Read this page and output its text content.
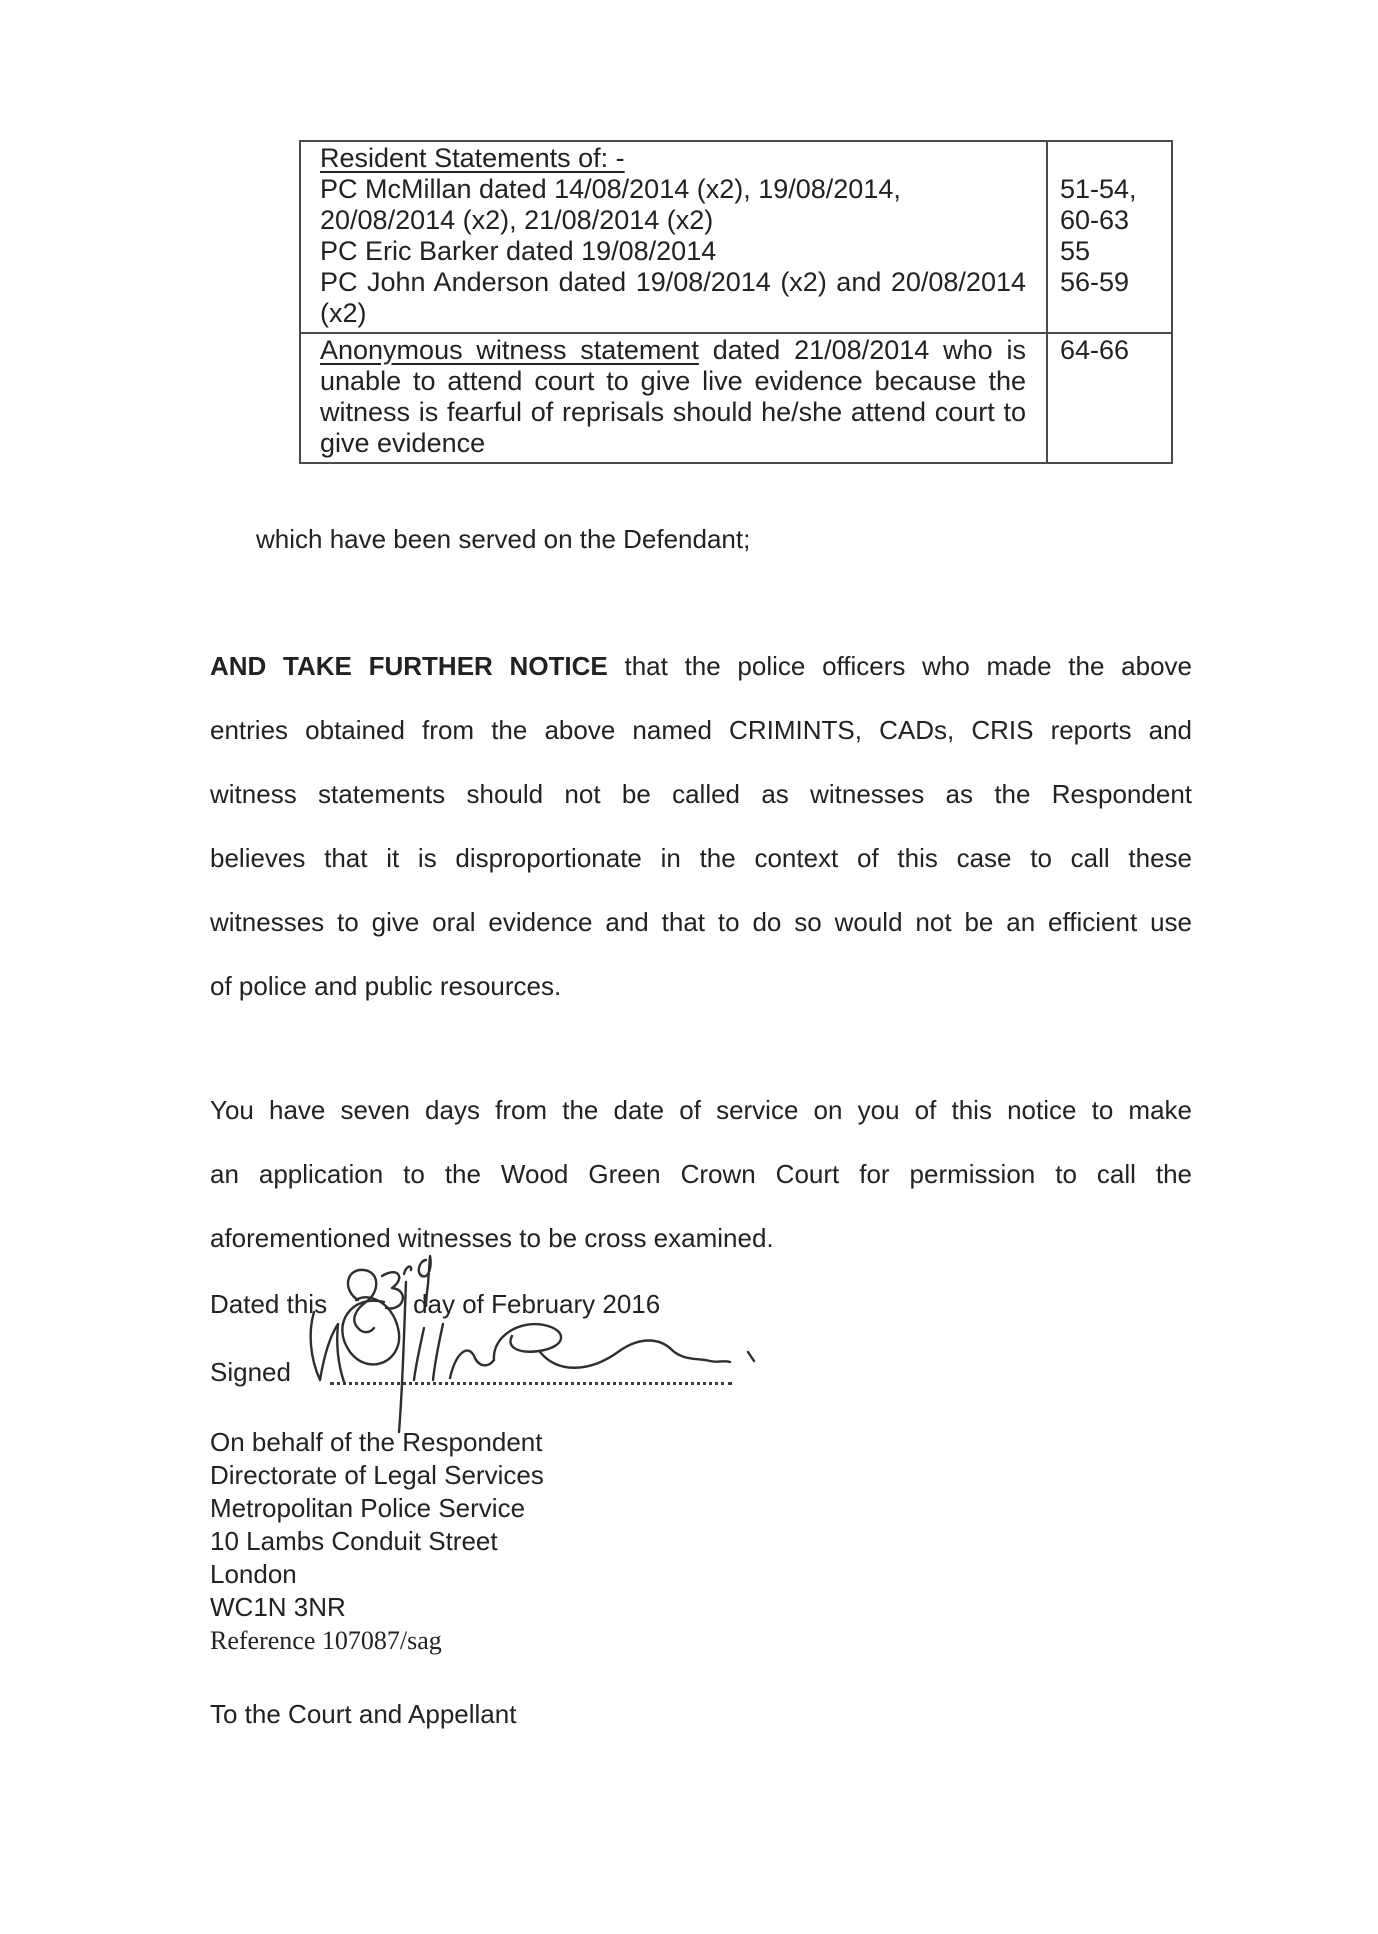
Resident Statements of: -
PC McMillan dated 14/08/2014 (x2), 19/08/2014,
20/08/2014 (x2), 21/08/2014 (x2)
PC Eric Barker dated 19/08/2014
PC John Anderson dated 19/08/2014 (x2) and 20/08/2014
(x2)
51-54,
60-63
55
56-59
Anonymous witness statement dated 21/08/2014 who is
unable to attend court to give live evidence because the
witness is fearful of reprisals should he/she attend court to
give evidence
64-66
which have been served on the Defendant;
AND TAKE FURTHER NOTICE that the police officers who made the above
entries obtained from the above named CRIMINTS, CADs, CRIS reports and
witness statements should not be called as witnesses as the Respondent
believes that it is disproportionate in the context of this case to call these
witnesses to give oral evidence and that to do so would not be an efficient use
of police and public resources.
You have seven days from the date of service on you of this notice to make
an application to the Wood Green Crown Court for permission to call the
aforementioned witnesses to be cross examined.
Dated this	day of February 2016
Signed
On behalf of the Respondent
Directorate of Legal Services
Metropolitan Police Service
10 Lambs Conduit Street
London
WC1N 3NR
Reference 107087/sag
To the Court and Appellant
